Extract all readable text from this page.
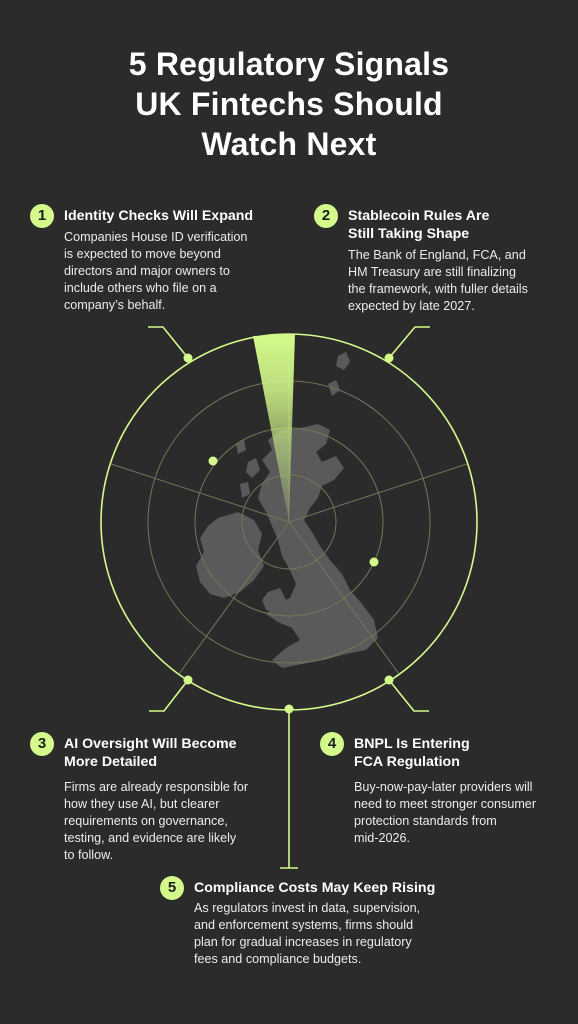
5 Regulatory Signals
UK Fintechs Should
Watch Next
1	Identity Checks Will Expand
Companies House ID verification
is expected to move beyond
directors and major owners to
include others who file on a
company’s behalf.
2	Stablecoin Rules Are
Still Taking Shape
The Bank of England, FCA, and
HM Treasury are still finalizing
the framework, with fuller details
expected by late 2027.
3	AI Oversight Will Become
More Detailed
Firms are already responsible for
how they use AI, but clearer
requirements on governance,
testing, and evidence are likely
to follow.
4	BNPL Is Entering
FCA Regulation
Buy-now-pay-later providers will
need to meet stronger consumer
protection standards from
mid-2026.
5	Compliance Costs May Keep Rising
As regulators invest in data, supervision,
and enforcement systems, firms should
plan for gradual increases in regulatory
fees and compliance budgets.
